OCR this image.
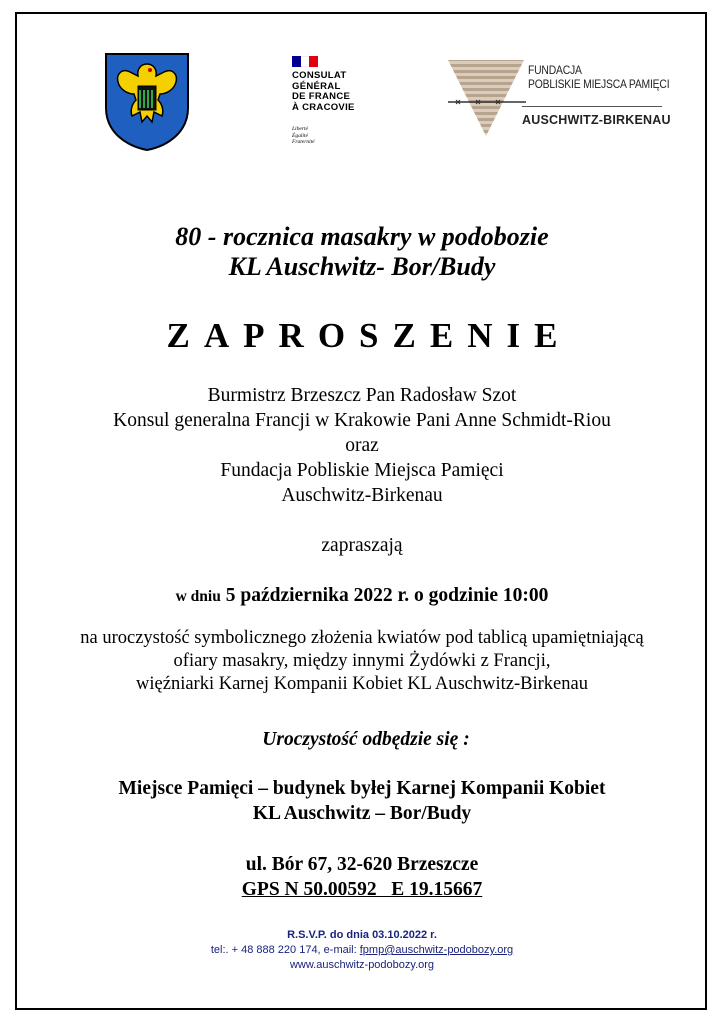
CONSULAT
GÉNÉRAL
DE FRANCE
À CRACOVIE
Liberté
Égalité
Fraternité
FUNDACJA
POBLISKIE MIEJSCA PAMIĘCI
AUSCHWITZ-BIRKENAU
80 - rocznica masakry w podobozie
KL Auschwitz- Bor/Budy
ZAPROSZENIE
Burmistrz Brzeszcz Pan Radosław Szot
Konsul generalna Francji w Krakowie Pani Anne Schmidt-Riou
oraz
Fundacja Pobliskie Miejsca Pamięci
Auschwitz-Birkenau
zapraszają
w dniu 5 października 2022 r. o godzinie 10:00
na uroczystość symbolicznego złożenia kwiatów pod tablicą upamiętniającą
ofiary masakry, między innymi Żydówki z Francji,
więźniarki Karnej Kompanii Kobiet KL Auschwitz-Birkenau
Uroczystość odbędzie się :
Miejsce Pamięci – budynek byłej Karnej Kompanii Kobiet
KL Auschwitz – Bor/Budy
ul. Bór 67, 32-620 Brzeszcze
GPS N 50.00592   E 19.15667
R.S.V.P. do dnia 03.10.2022 r.
tel:. + 48 888 220 174, e-mail: fpmp@auschwitz-podobozy.org
www.auschwitz-podobozy.org
